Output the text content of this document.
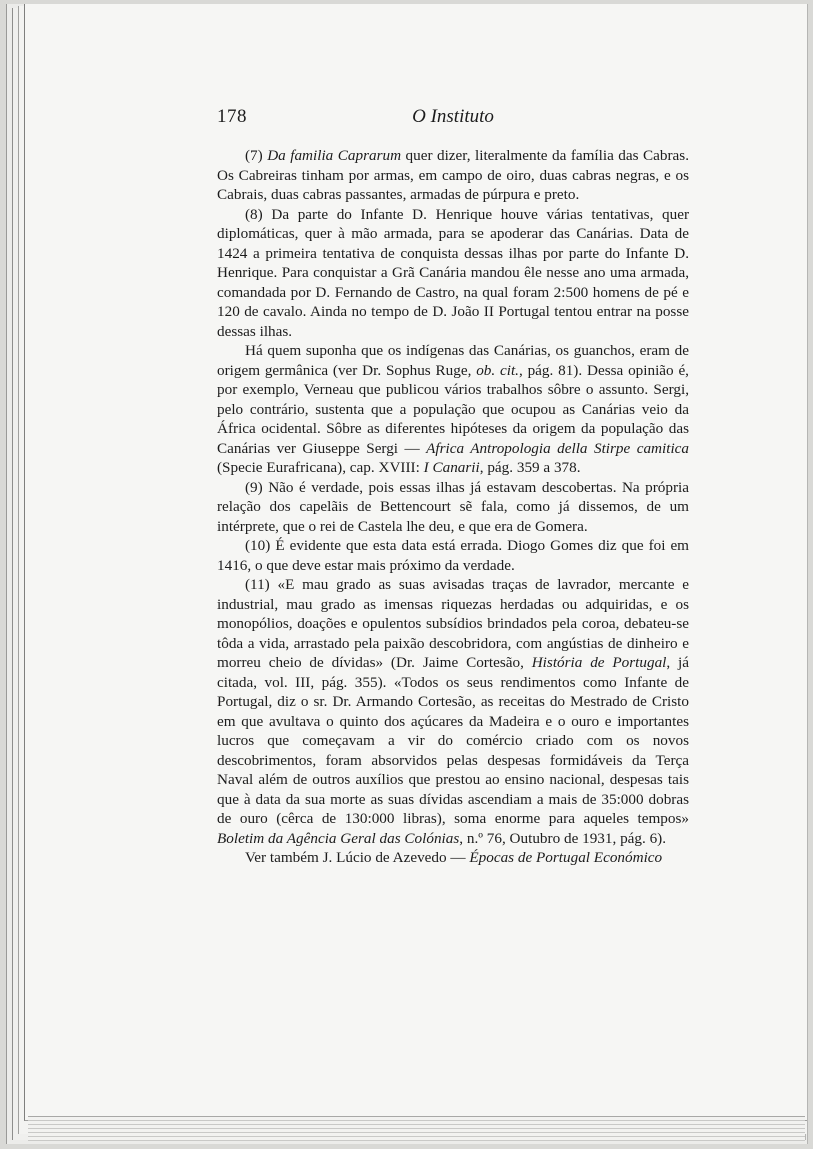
178	O Instituto

(7) Da familia Caprarum quer dizer, literalmente da família das Cabras. Os Cabreiras tinham por armas, em campo de oiro, duas cabras negras, e os Cabrais, duas cabras passantes, armadas de púrpura e preto.

(8) Da parte do Infante D. Henrique houve várias tentativas, quer diplomáticas, quer à mão armada, para se apoderar das Canárias. Data de 1424 a primeira tentativa de conquista dessas ilhas por parte do Infante D. Henrique. Para conquistar a Grã Canária mandou êle nesse ano uma armada, comandada por D. Fernando de Castro, na qual foram 2:500 homens de pé e 120 de cavalo. Ainda no tempo de D. João II Portugal tentou entrar na posse dessas ilhas.

Há quem suponha que os indígenas das Canárias, os guanchos, eram de origem germânica (ver Dr. Sophus Ruge, ob. cit., pág. 81). Dessa opinião é, por exemplo, Verneau que publicou vários trabalhos sôbre o assunto. Sergi, pelo contrário, sustenta que a população que ocupou as Canárias veio da África ocidental. Sôbre as diferentes hipóteses da origem da população das Canárias ver Giuseppe Sergi — Africa Antropologia della Stirpe camitica (Specie Eurafricana), cap. XVIII: I Canarii, pág. 359 a 378.

(9) Não é verdade, pois essas ilhas já estavam descobertas. Na própria relação dos capelãis de Bettencourt sẽ fala, como já dissemos, de um intérprete, que o rei de Castela lhe deu, e que era de Gomera.

(10) É evidente que esta data está errada. Diogo Gomes diz que foi em 1416, o que deve estar mais próximo da verdade.

(11) «E mau grado as suas avisadas traças de lavrador, mercante e industrial, mau grado as imensas riquezas herdadas ou adquiridas, e os monopólios, doações e opulentos subsídios brindados pela coroa, debateu-se tôda a vida, arrastado pela paixão descobridora, com angústias de dinheiro e morreu cheio de dívidas» (Dr. Jaime Cortesão, História de Portugal, já citada, vol. III, pág. 355). «Todos os seus rendimentos como Infante de Portugal, diz o sr. Dr. Armando Cortesão, as receitas do Mestrado de Cristo em que avultava o quinto dos açúcares da Madeira e o ouro e importantes lucros que começavam a vir do comércio criado com os novos descobrimentos, foram absorvidos pelas despesas formidáveis da Terça Naval além de outros auxílios que prestou ao ensino nacional, despesas tais que à data da sua morte as suas dívidas ascendiam a mais de 35:000 dobras de ouro (cêrca de 130:000 libras), soma enorme para aqueles tempos» Boletim da Agência Geral das Colónias, n.º 76, Outubro de 1931, pág. 6).

Ver também J. Lúcio de Azevedo — Épocas de Portugal Económico
